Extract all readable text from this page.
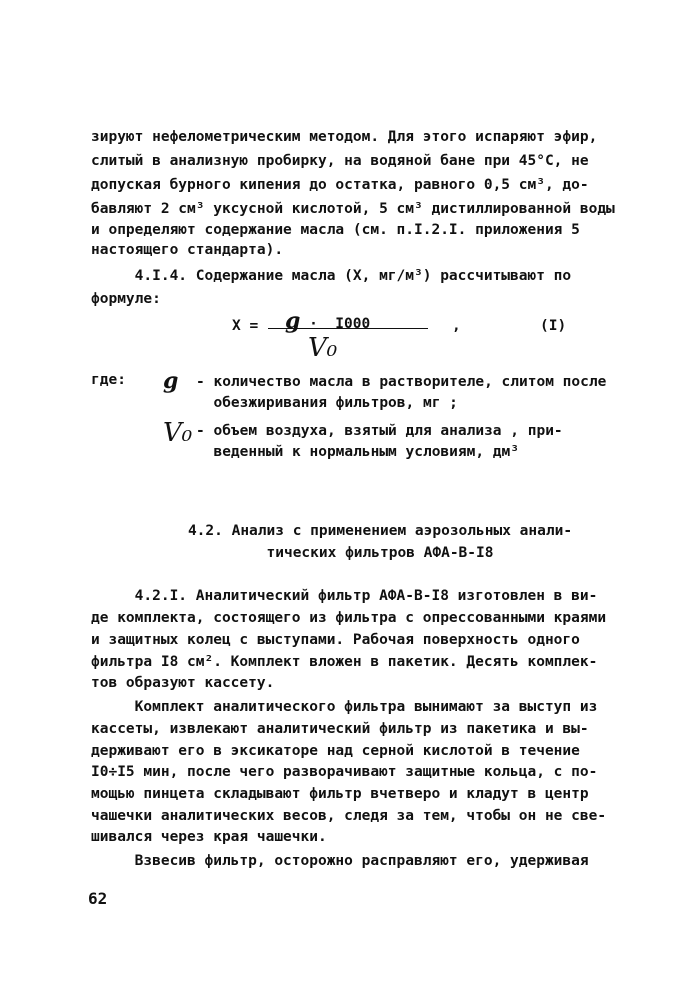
зируют нефелометрическим методом. Для этого испаряют эфир,
слитый в анализную пробирку, на водяной бане при 45°С, не
допуская бурного кипения до остатка, равного 0,5 см³, до-
бавляют 2 см³ уксусной кислотой, 5 см³ дистиллированной воды
и определяют содержание масла (см. п.I.2.I. приложения 5
настоящего стандарта).
4.I.4. Содержание масла (X, мг/м³) рассчитывают по
формуле:
X = g ·  I000
V₀
,	(I)
где: g - количество масла в растворителе, слитом после
обезжиривания фильтров, мг ;
V₀ - объем воздуха, взятый для анализа , при-
веденный к нормальным условиям, дм³
4.2. Анализ с применением аэрозольных анали-
тических фильтров АФА-В-I8
4.2.I. Аналитический фильтр АФА-В-I8 изготовлен в ви-
де комплекта, состоящего из фильтра с опрессованными краями
и защитных колец с выступами. Рабочая поверхность одного
фильтра I8 см². Комплект вложен в пакетик. Десять комплек-
тов образуют кассету.
Комплект аналитического фильтра вынимают за выступ из
кассеты, извлекают аналитический фильтр из пакетика и вы-
держивают его в эксикаторе над серной кислотой в течение
I0÷I5 мин, после чего разворачивают защитные кольца, с по-
мощью пинцета складывают фильтр вчетверо и кладут в центр
чашечки аналитических весов, следя за тем, чтобы он не све-
шивался через края чашечки.
Взвесив фильтр, осторожно расправляют его, удерживая
62
